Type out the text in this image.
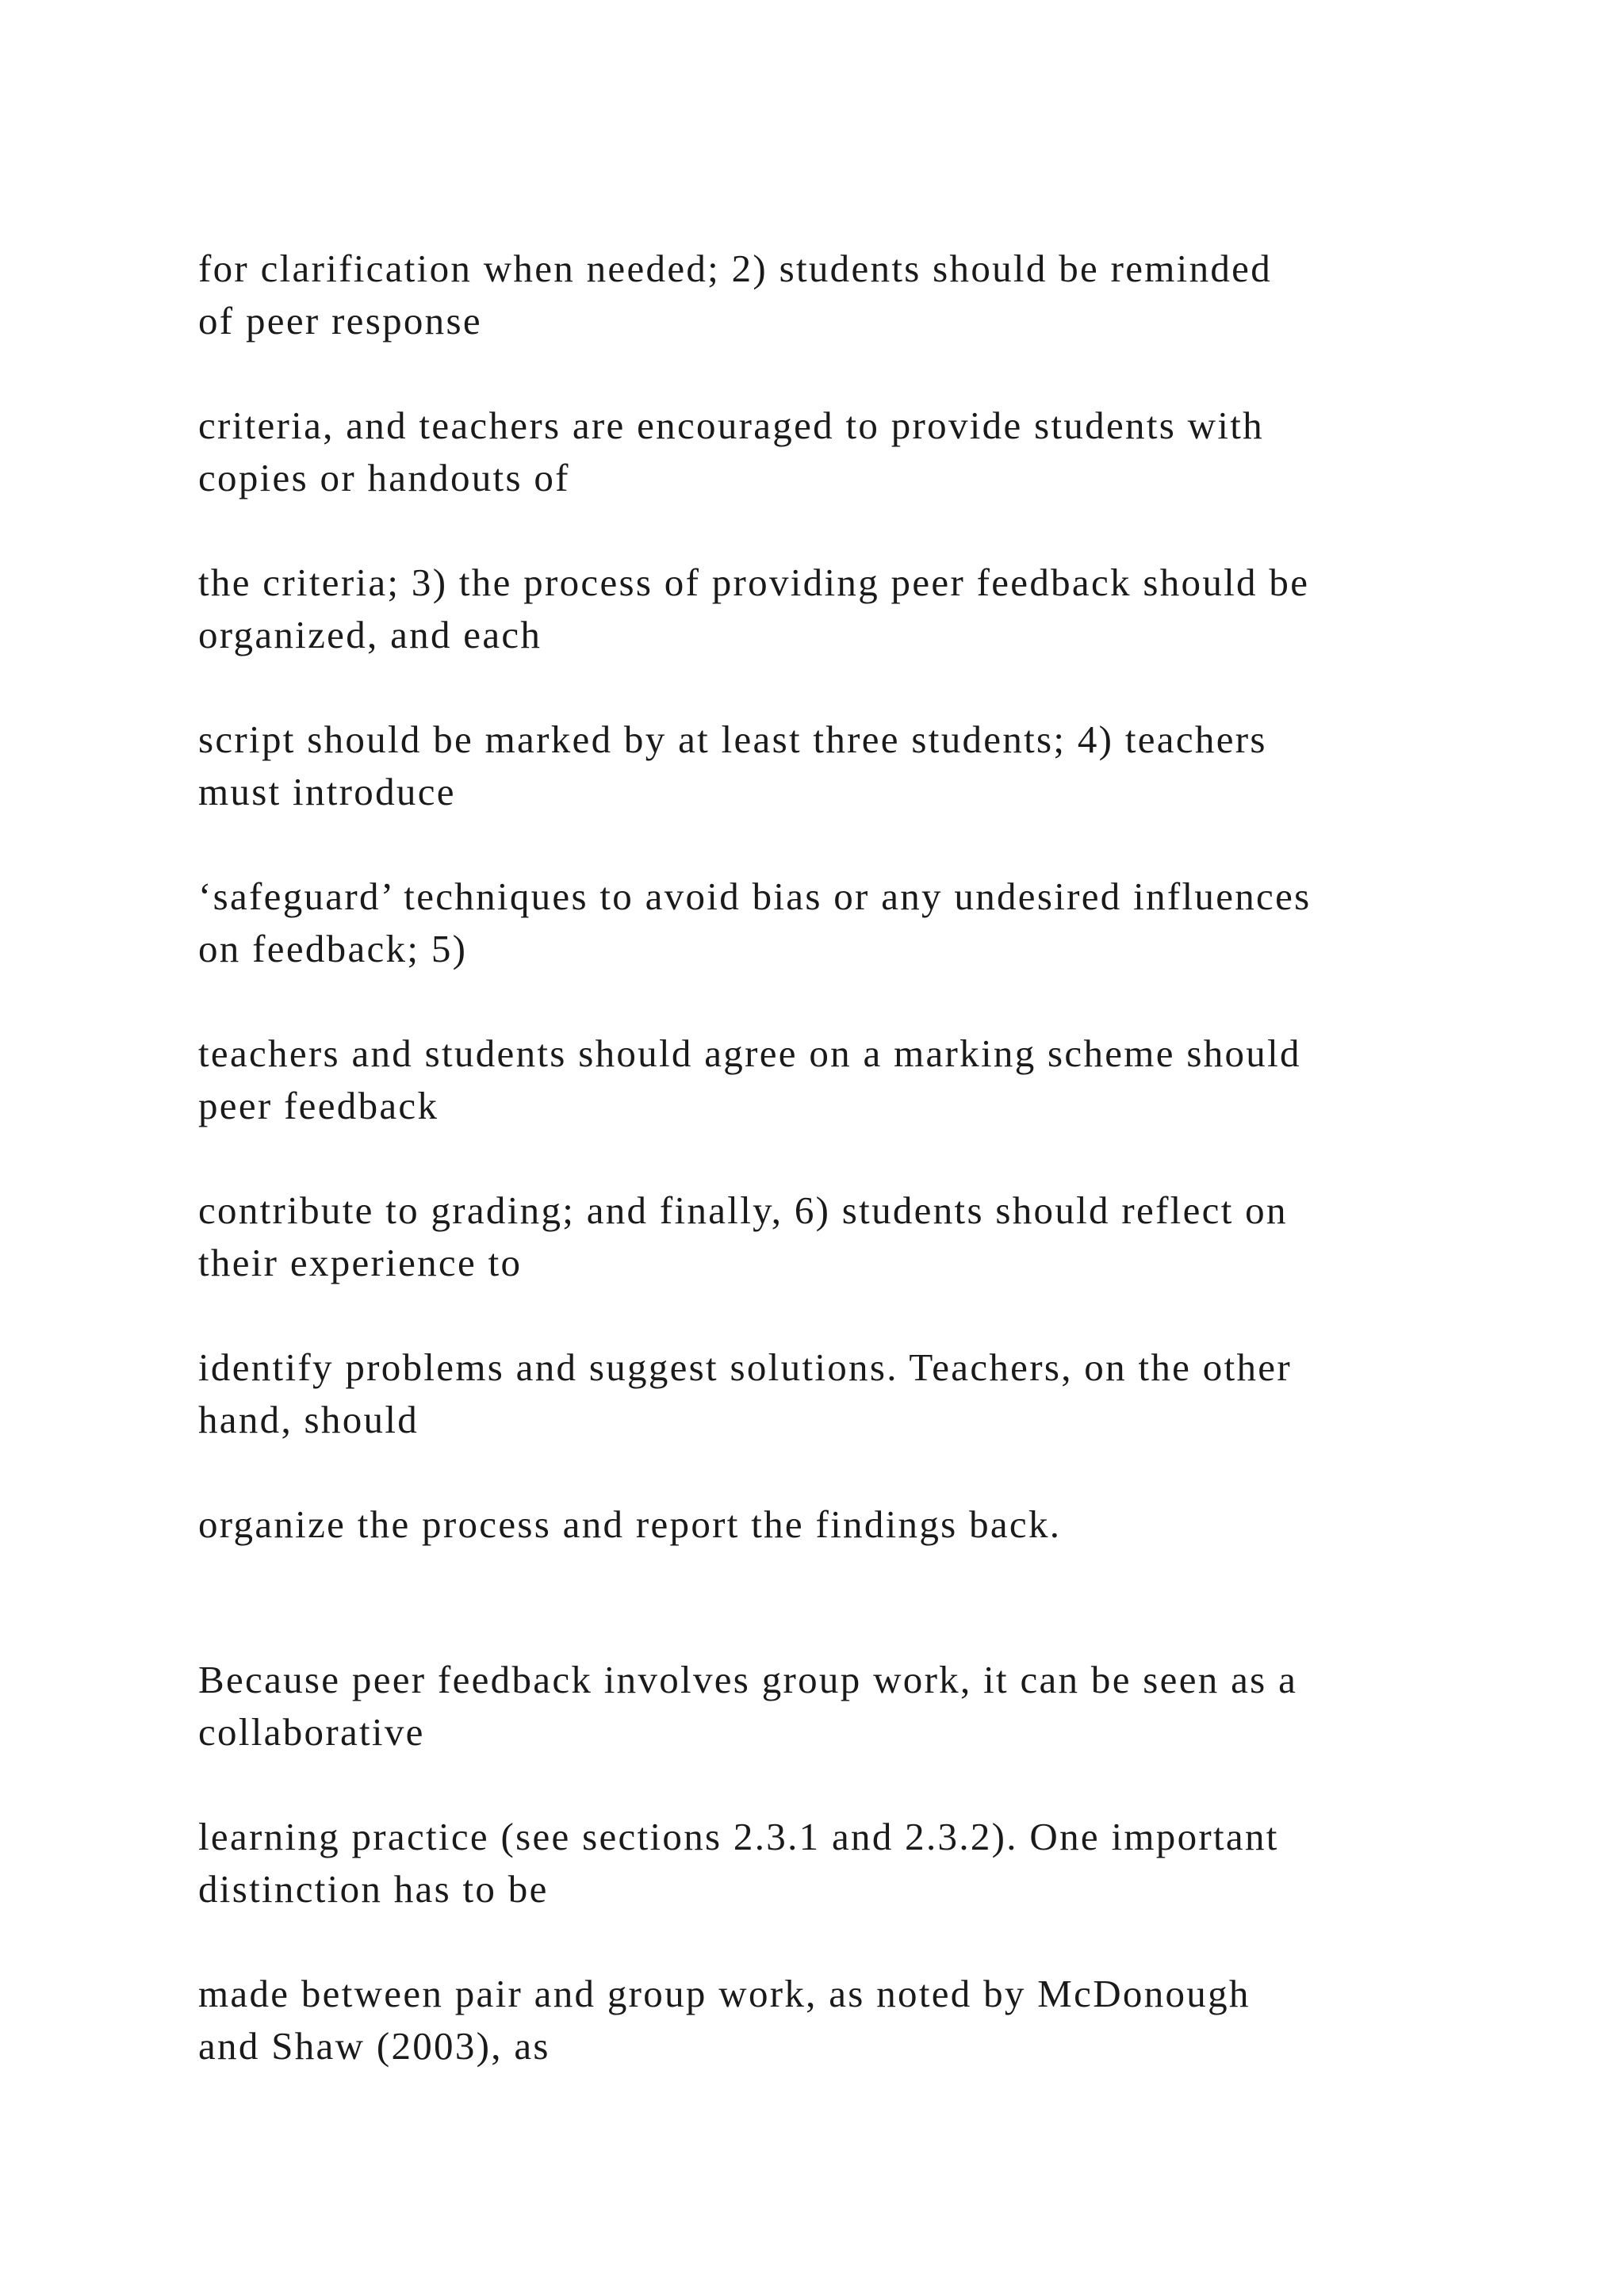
for clarification when needed; 2) students should be reminded
of peer response

criteria, and teachers are encouraged to provide students with
copies or handouts of

the criteria; 3) the process of providing peer feedback should be
organized, and each

script should be marked by at least three students; 4) teachers
must introduce

‘safeguard’ techniques to avoid bias or any undesired influences
on feedback; 5)

teachers and students should agree on a marking scheme should
peer feedback

contribute to grading; and finally, 6) students should reflect on
their experience to

identify problems and suggest solutions. Teachers, on the other
hand, should

organize the process and report the findings back.

Because peer feedback involves group work, it can be seen as a
collaborative

learning practice (see sections 2.3.1 and 2.3.2). One important
distinction has to be

made between pair and group work, as noted by McDonough
and Shaw (2003), as
